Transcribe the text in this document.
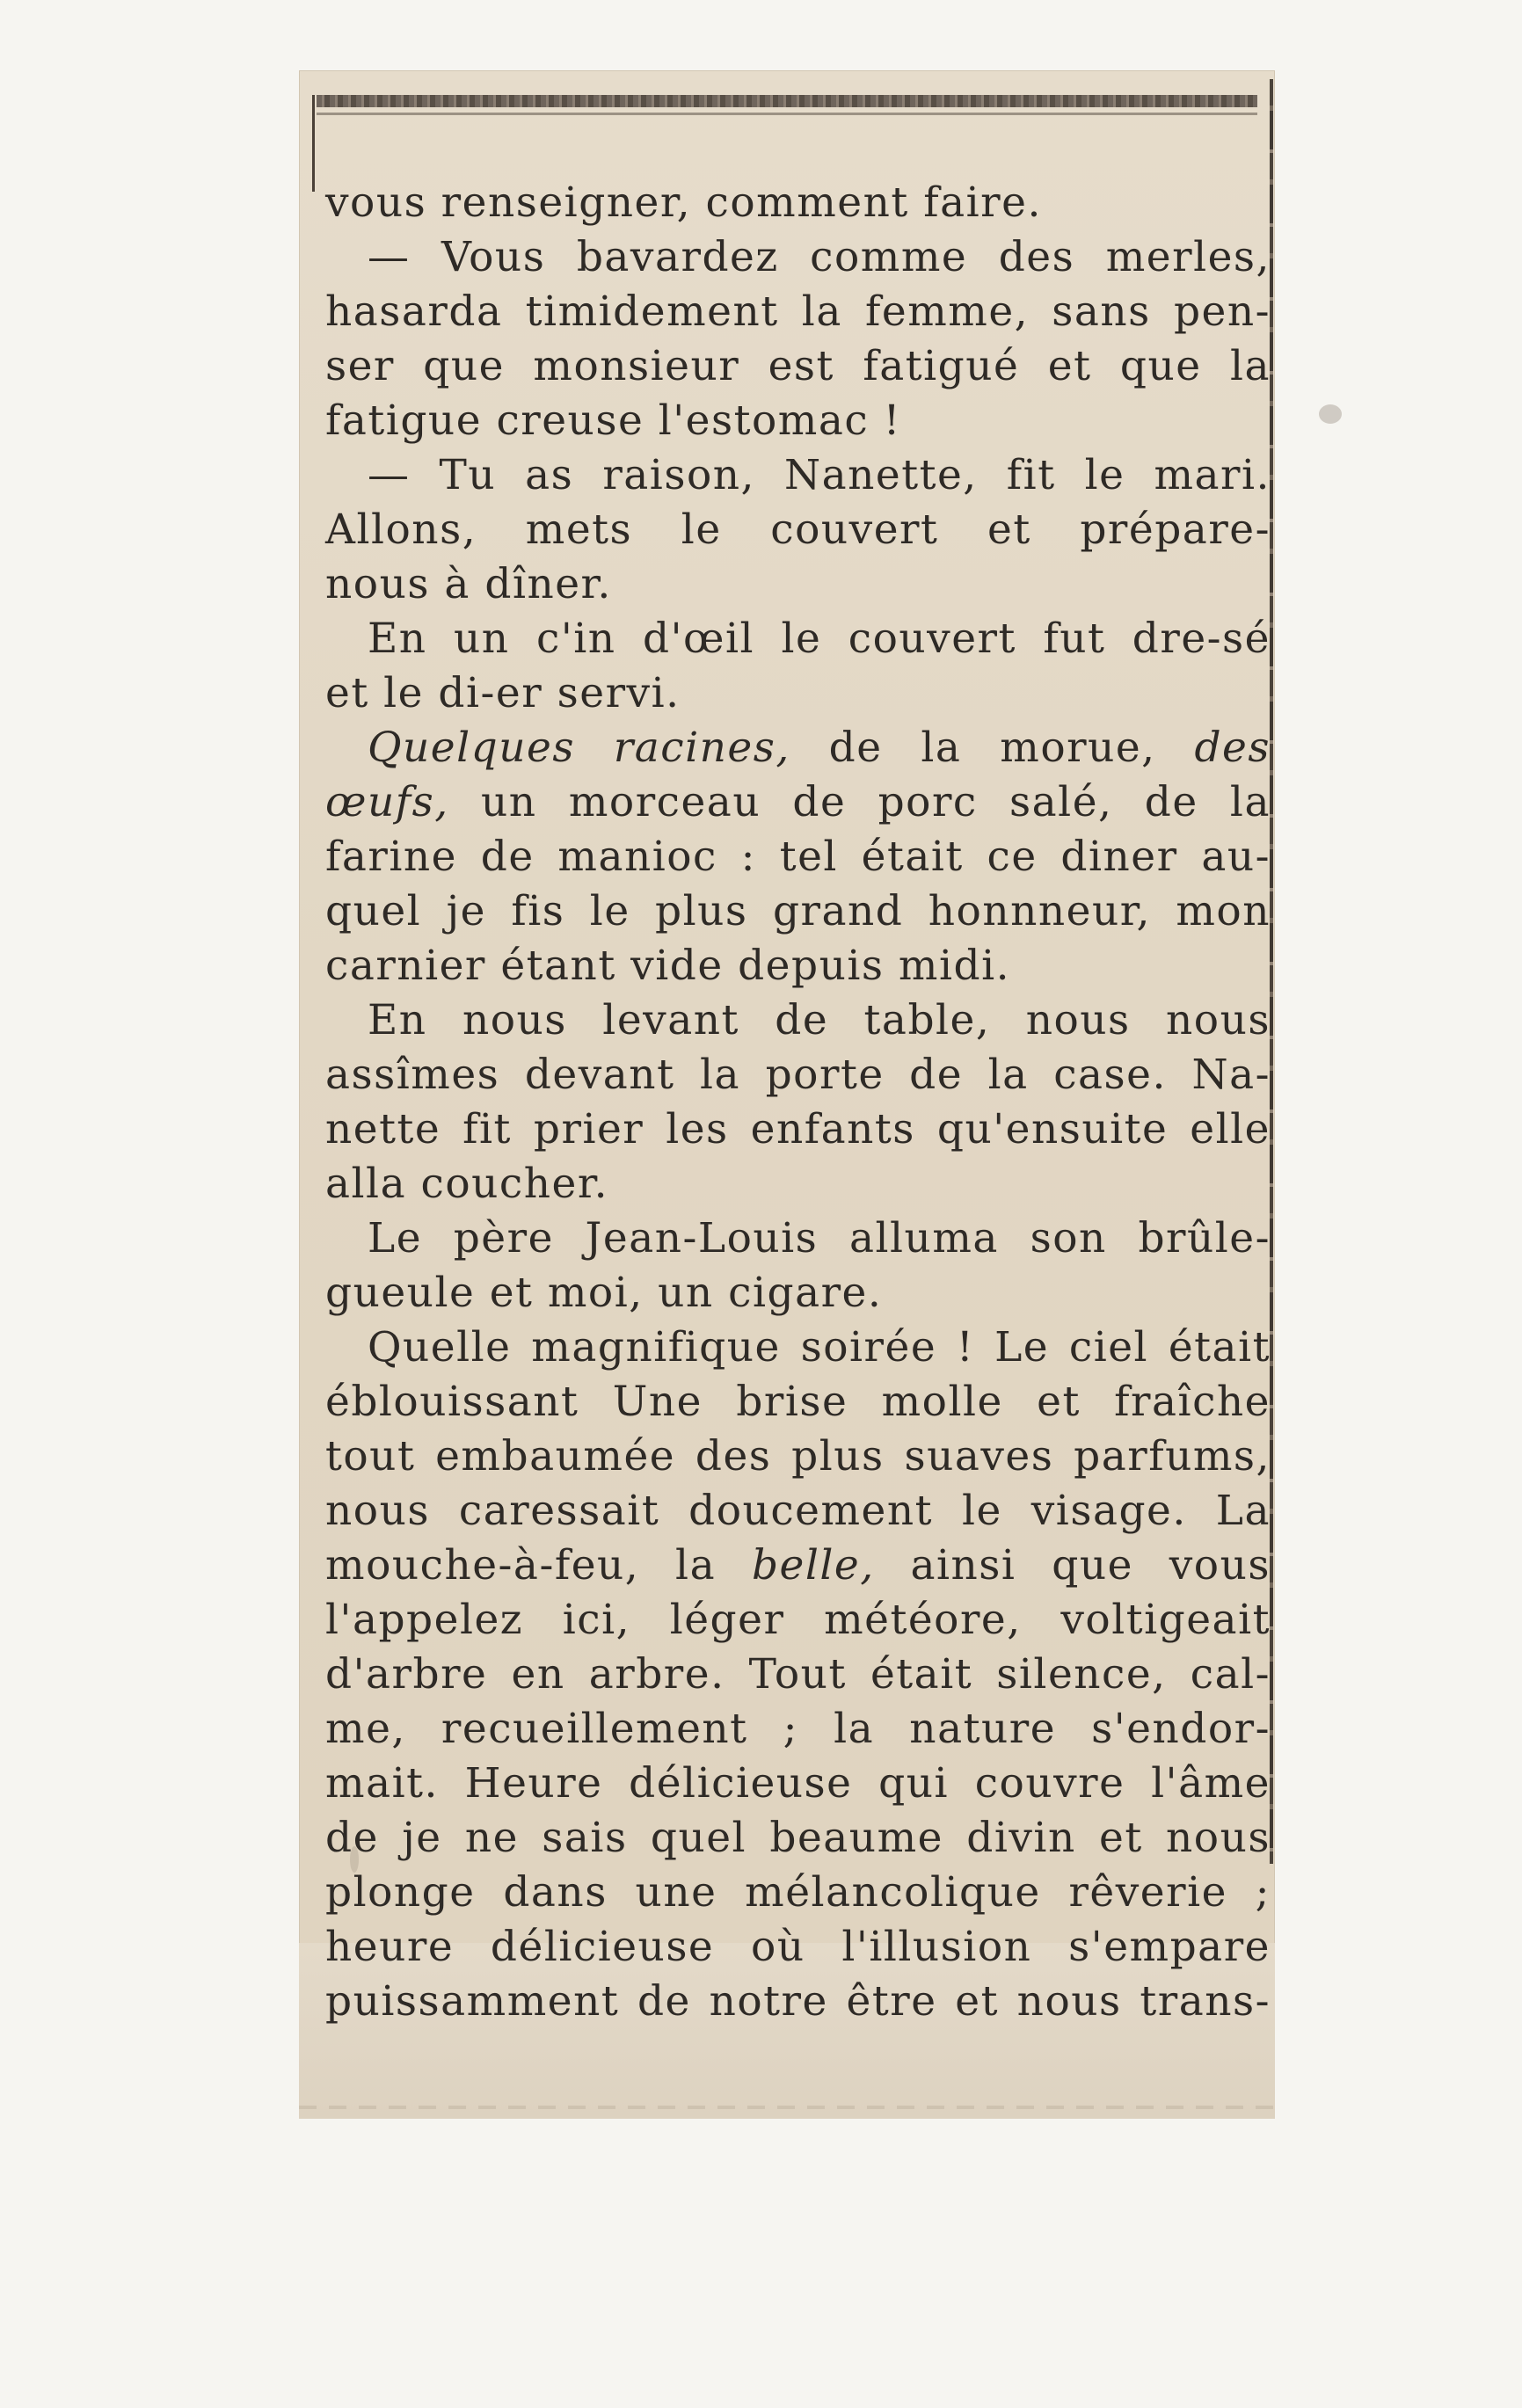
vous renseigner, comment faire.
— Vous bavardez comme des merles,
hasarda timidement la femme, sans pen-
ser que monsieur est fatigué et que la
fatigue creuse l'estomac !
— Tu as raison, Nanette, fit le mari.
Allons, mets le couvert et prépare-
nous à dîner.
En un c'in d'œil le couvert fut dre-sé
et le di-er servi.
Quelques racines, de la morue, des
œufs, un morceau de porc salé, de la
farine de manioc : tel était ce diner au-
quel je fis le plus grand honnneur, mon
carnier étant vide depuis midi.
En nous levant de table, nous nous
assîmes devant la porte de la case. Na-
nette fit prier les enfants qu'ensuite elle
alla coucher.
Le père Jean-Louis alluma son brûle-
gueule et moi, un cigare.
Quelle magnifique soirée ! Le ciel était
éblouissant Une brise molle et fraîche
tout embaumée des plus suaves parfums,
nous caressait doucement le visage. La
mouche-à-feu, la belle, ainsi que vous
l'appelez ici, léger météore, voltigeait
d'arbre en arbre. Tout était silence, cal-
me, recueillement ; la nature s'endor-
mait. Heure délicieuse qui couvre l'âme
de je ne sais quel beaume divin et nous
plonge dans une mélancolique rêverie ;
heure délicieuse où l'illusion s'empare
puissamment de notre être et nous trans-
